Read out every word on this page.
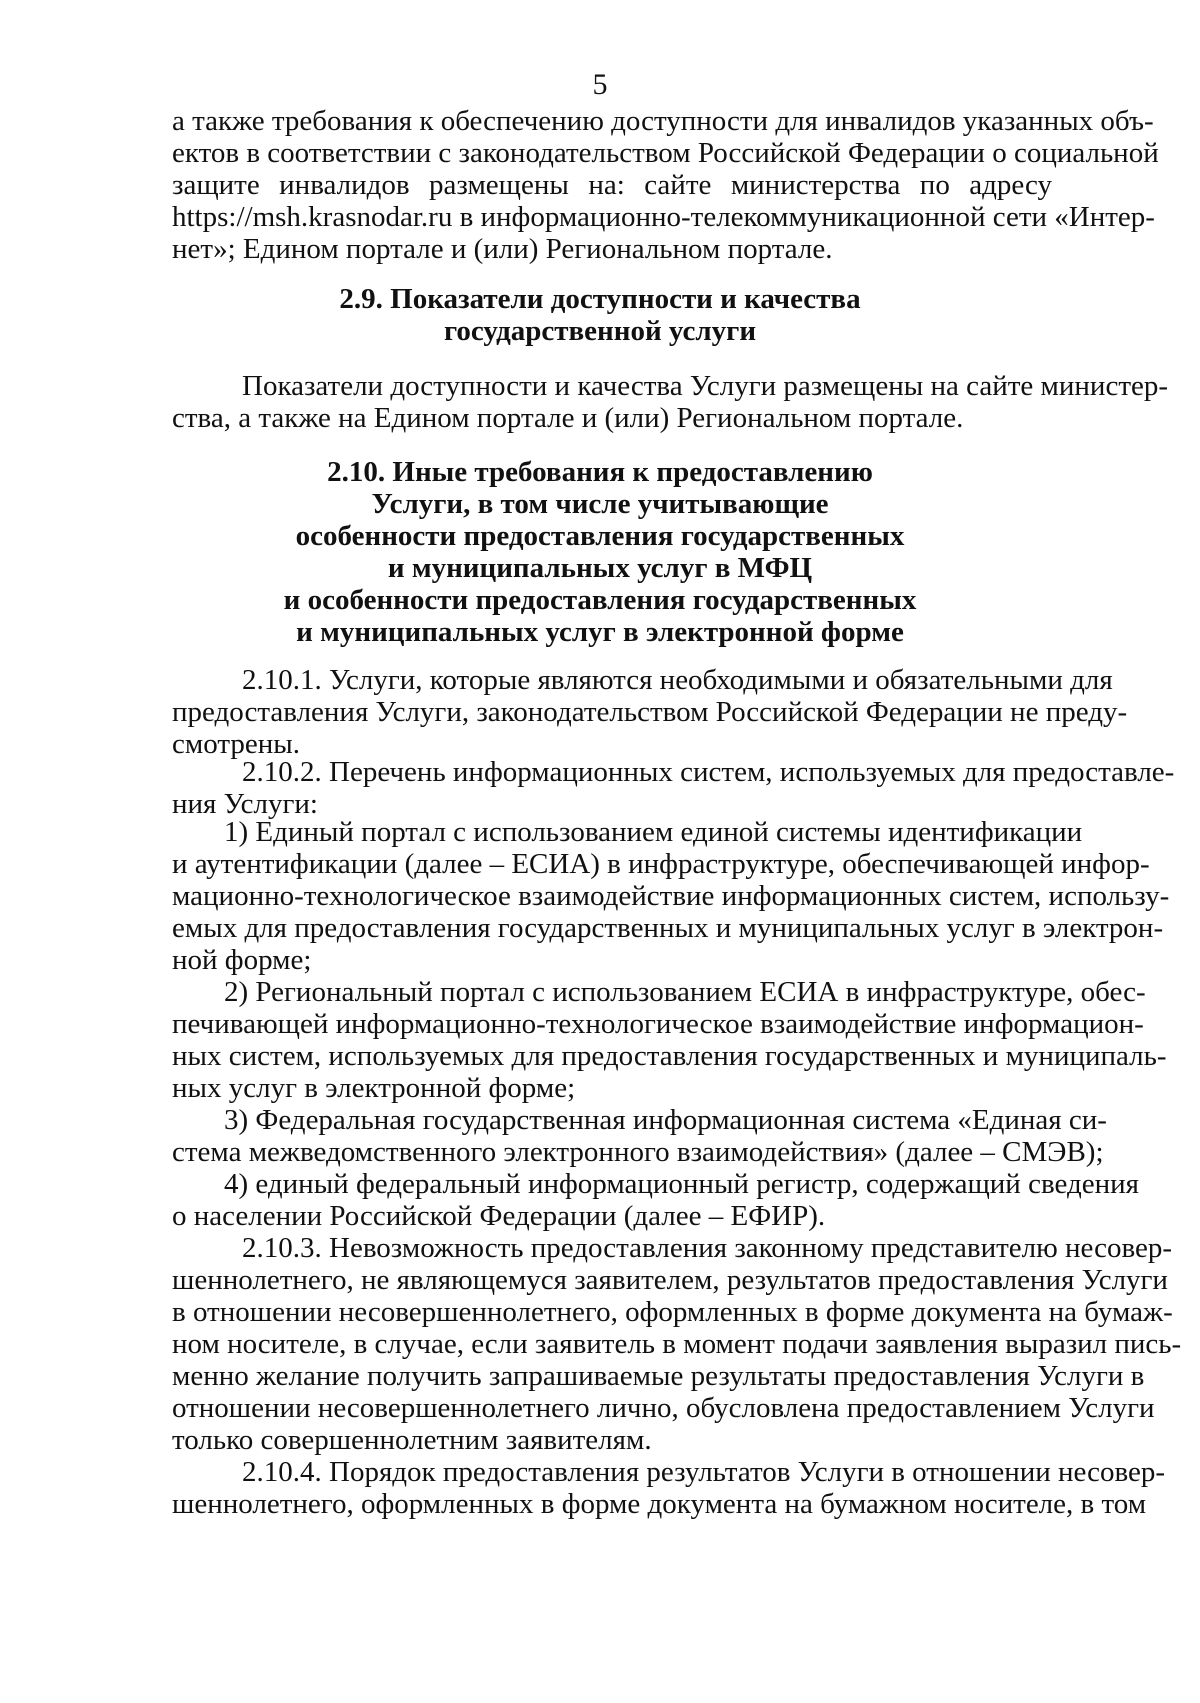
5
а также требования к обеспечению доступности для инвалидов указанных объ-
ектов в соответствии с законодательством Российской Федерации о социальной
защите инвалидов размещены на: сайте министерства по адресу
https://msh.krasnodar.ru в информационно-телекоммуникационной сети «Интер-
нет»; Едином портале и (или) Региональном портале.
2.9. Показатели доступности и качества
государственной услуги
Показатели доступности и качества Услуги размещены на сайте министер-
ства, а также на Едином портале и (или) Региональном портале.
2.10. Иные требования к предоставлению
Услуги, в том числе учитывающие
особенности предоставления государственных
и муниципальных услуг в МФЦ
и особенности предоставления государственных
и муниципальных услуг в электронной форме
2.10.1. Услуги, которые являются необходимыми и обязательными для
предоставления Услуги, законодательством Российской Федерации не преду-
смотрены.
2.10.2. Перечень информационных систем, используемых для предоставле-
ния Услуги:
1) Единый портал с использованием единой системы идентификации
и аутентификации (далее – ЕСИА) в инфраструктуре, обеспечивающей инфор-
мационно-технологическое взаимодействие информационных систем, использу-
емых для предоставления государственных и муниципальных услуг в электрон-
ной форме;
2) Региональный портал с использованием ЕСИА в инфраструктуре, обес-
печивающей информационно-технологическое взаимодействие информацион-
ных систем, используемых для предоставления государственных и муниципаль-
ных услуг в электронной форме;
3) Федеральная государственная информационная система «Единая си-
стема межведомственного электронного взаимодействия» (далее – СМЭВ);
4) единый федеральный информационный регистр, содержащий сведения
о населении Российской Федерации (далее – ЕФИР).
2.10.3. Невозможность предоставления законному представителю несовер-
шеннолетнего, не являющемуся заявителем, результатов предоставления Услуги
в отношении несовершеннолетнего, оформленных в форме документа на бумаж-
ном носителе, в случае, если заявитель в момент подачи заявления выразил пись-
менно желание получить запрашиваемые результаты предоставления Услуги в
отношении несовершеннолетнего лично, обусловлена предоставлением Услуги
только совершеннолетним заявителям.
2.10.4. Порядок предоставления результатов Услуги в отношении несовер-
шеннолетнего, оформленных в форме документа на бумажном носителе, в том
